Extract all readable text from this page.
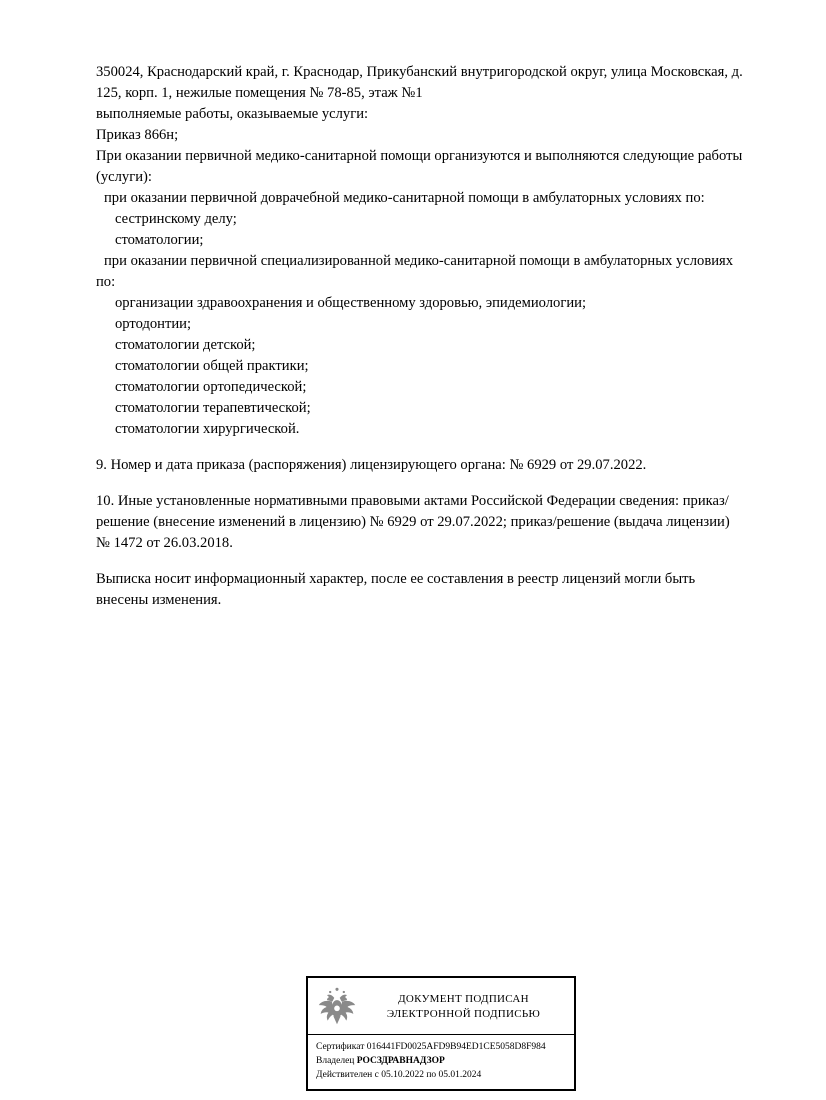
350024, Краснодарский край, г. Краснодар, Прикубанский внутригородской округ, улица Московская, д. 125, корп. 1, нежилые помещения № 78-85, этаж №1

выполняемые работы, оказываемые услуги:

Приказ 866н;

При оказании первичной медико-санитарной помощи организуются и выполняются следующие работы (услуги):

при оказании первичной доврачебной медико-санитарной помощи в амбулаторных условиях по:

сестринскому делу;

стоматологии;

при оказании первичной специализированной медико-санитарной помощи в амбулаторных условиях по:

организации здравоохранения и общественному здоровью, эпидемиологии;

ортодонтии;

стоматологии детской;

стоматологии общей практики;

стоматологии ортопедической;

стоматологии терапевтической;

стоматологии хирургической.

9. Номер и дата приказа (распоряжения) лицензирующего органа: № 6929 от 29.07.2022.

10. Иные установленные нормативными правовыми актами Российской Федерации сведения: приказ/решение (внесение изменений в лицензию) № 6929 от 29.07.2022; приказ/решение (выдача лицензии) № 1472 от 26.03.2018.

Выписка носит информационный характер, после ее составления в реестр лицензий могли быть внесены изменения.

ДОКУМЕНТ ПОДПИСАН
ЭЛЕКТРОННОЙ ПОДПИСЬЮ
Сертификат 016441FD0025AFD9B94ED1CE5058D8F984
Владелец РОСЗДРАВНАДЗОР
Действителен с 05.10.2022 по 05.01.2024
